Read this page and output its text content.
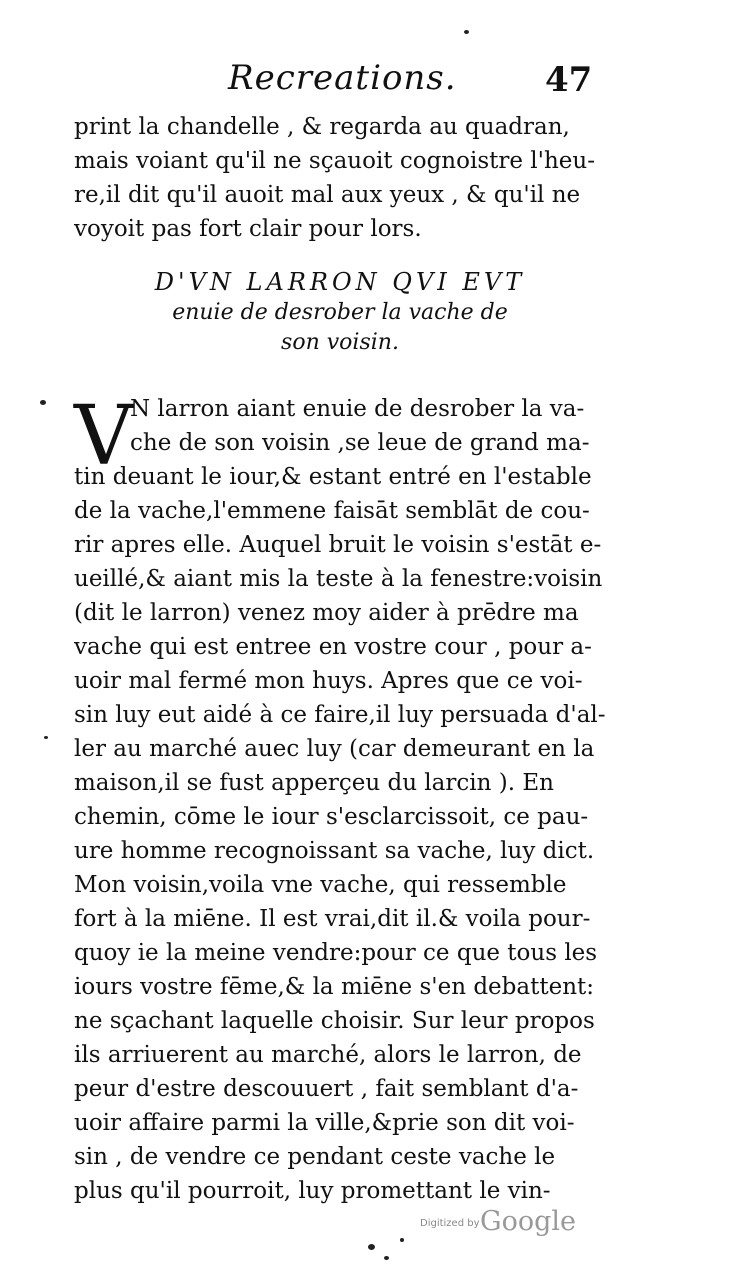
Recreations.	47
print la chandelle , & regarda au quadran,
mais voiant qu'il ne sçauoit cognoistre l'heu-
re,il dit qu'il auoit mal aux yeux , & qu'il ne
voyoit pas fort clair pour lors.
D'VN LARRON QVI EVT
enuie de desrober la vache de
son voisin.
V
N larron aiant enuie de desrober la va-
che de son voisin ,se leue de grand ma-
tin deuant le iour,& estant entré en l'estable
de la vache,l'emmene faisāt semblāt de cou-
rir apres elle. Auquel bruit le voisin s'estāt e-
ueillé,& aiant mis la teste à la fenestre:voisin
(dit le larron) venez moy aider à prēdre ma
vache qui est entree en vostre cour , pour a-
uoir mal fermé mon huys. Apres que ce voi-
sin luy eut aidé à ce faire,il luy persuada d'al-
ler au marché auec luy (car demeurant en la
maison,il se fust apperçeu du larcin ). En
chemin, cōme le iour s'esclarcissoit, ce pau-
ure homme recognoissant sa vache, luy dict.
Mon voisin,voila vne vache, qui ressemble
fort à la miēne. Il est vrai,dit il.& voila pour-
quoy ie la meine vendre:pour ce que tous les
iours vostre fēme,& la miēne s'en debattent:
ne sçachant laquelle choisir. Sur leur propos
ils arriuerent au marché, alors le larron, de
peur d'estre descouuert , fait semblant d'a-
uoir affaire parmi la ville,&prie son dit voi-
sin , de vendre ce pendant ceste vache le
plus qu'il pourroit, luy promettant le vin-
Digitized by Google
